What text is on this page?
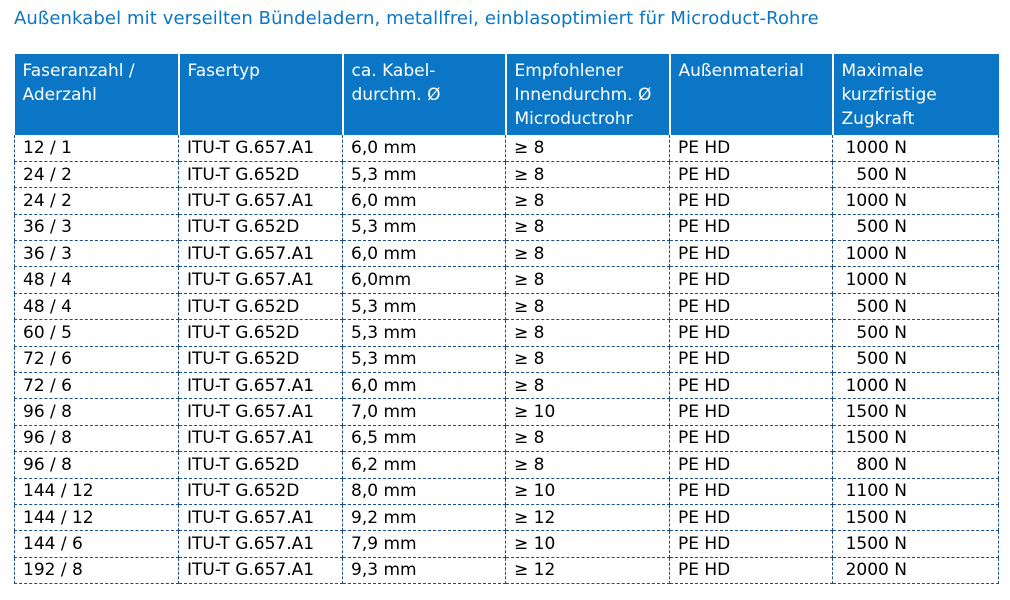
Außenkabel mit verseilten Bündeladern, metallfrei, einblasoptimiert für Microduct-Rohre
Faseranzahl / Aderzahl	Fasertyp	ca. Kabel-durchm. Ø	Empfohlener Innendurchm. Ø Microductrohr	Außenmaterial	Maximale kurzfristige Zugkraft
12 / 1	ITU-T G.657.A1	6,0 mm	≥ 8	PE HD	1000 N
24 / 2	ITU-T G.652D	5,3 mm	≥ 8	PE HD	500 N
24 / 2	ITU-T G.657.A1	6,0 mm	≥ 8	PE HD	1000 N
36 / 3	ITU-T G.652D	5,3 mm	≥ 8	PE HD	500 N
36 / 3	ITU-T G.657.A1	6,0 mm	≥ 8	PE HD	1000 N
48 / 4	ITU-T G.657.A1	6,0mm	≥ 8	PE HD	1000 N
48 / 4	ITU-T G.652D	5,3 mm	≥ 8	PE HD	500 N
60 / 5	ITU-T G.652D	5,3 mm	≥ 8	PE HD	500 N
72 / 6	ITU-T G.652D	5,3 mm	≥ 8	PE HD	500 N
72 / 6	ITU-T G.657.A1	6,0 mm	≥ 8	PE HD	1000 N
96 / 8	ITU-T G.657.A1	7,0 mm	≥ 10	PE HD	1500 N
96 / 8	ITU-T G.657.A1	6,5 mm	≥ 8	PE HD	1500 N
96 / 8	ITU-T G.652D	6,2 mm	≥ 8	PE HD	800 N
144 / 12	ITU-T G.652D	8,0 mm	≥ 10	PE HD	1100 N
144 / 12	ITU-T G.657.A1	9,2 mm	≥ 12	PE HD	1500 N
144 / 6	ITU-T G.657.A1	7,9 mm	≥ 10	PE HD	1500 N
192 / 8	ITU-T G.657.A1	9,3 mm	≥ 12	PE HD	2000 N
